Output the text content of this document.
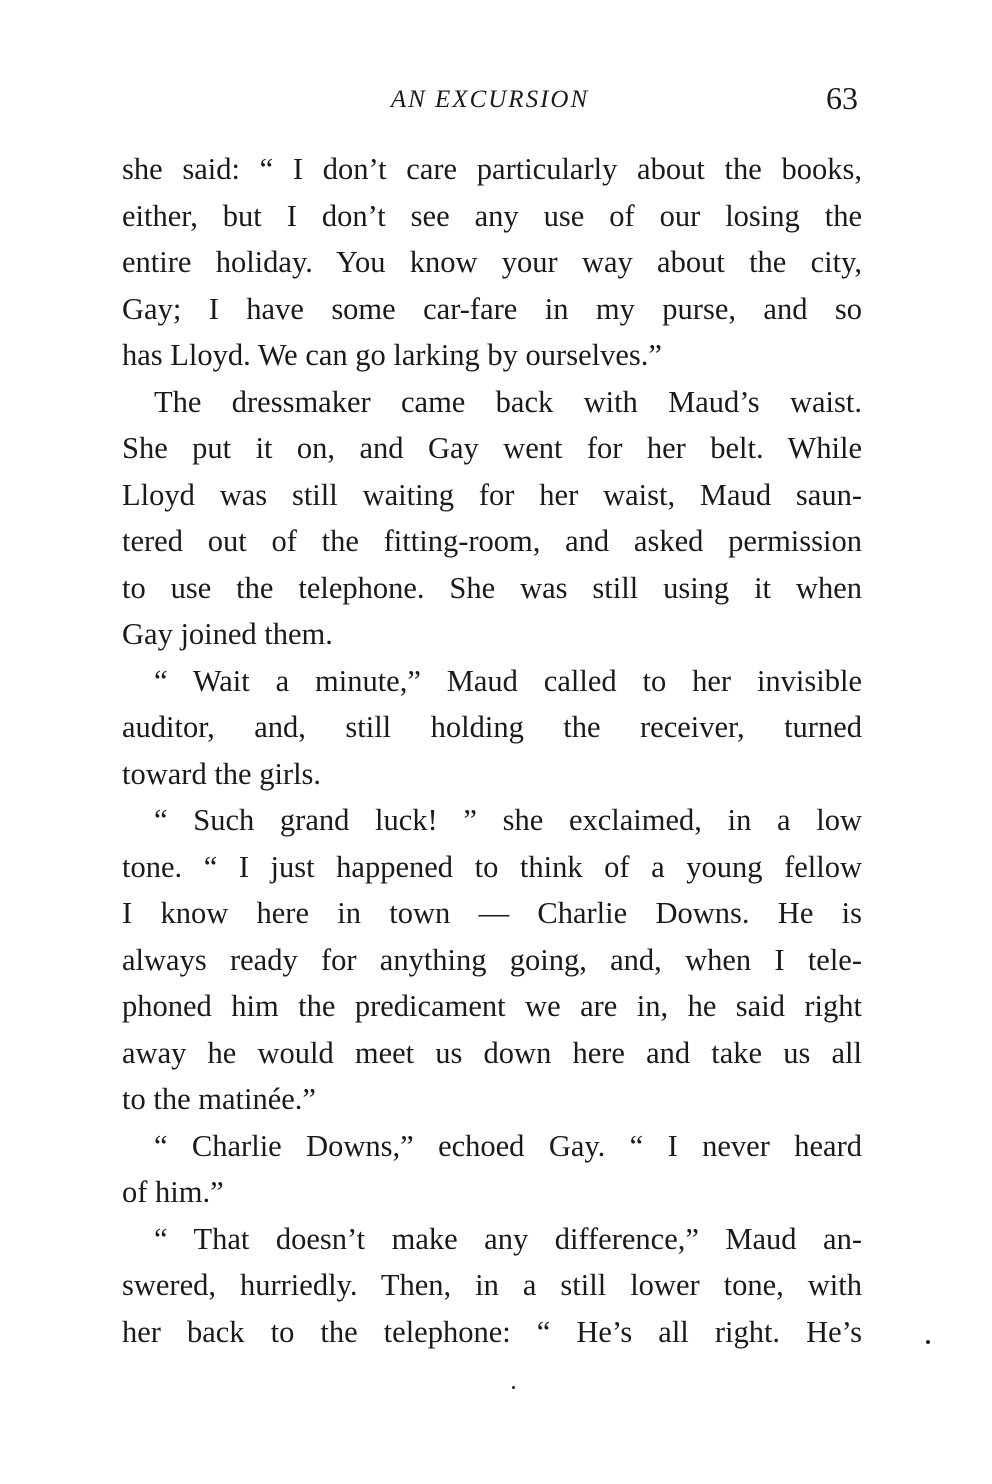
AN EXCURSION	63
she said: “ I don’t care particularly about the books,
either, but I don’t see any use of our losing the
entire holiday. You know your way about the city,
Gay; I have some car-fare in my purse, and so
has Lloyd. We can go larking by ourselves.”
The dressmaker came back with Maud’s waist.
She put it on, and Gay went for her belt. While
Lloyd was still waiting for her waist, Maud saun-
tered out of the fitting-room, and asked permission
to use the telephone. She was still using it when
Gay joined them.
“ Wait a minute,” Maud called to her invisible
auditor, and, still holding the receiver, turned
toward the girls.
“ Such grand luck! ” she exclaimed, in a low
tone. “ I just happened to think of a young fellow
I know here in town — Charlie Downs. He is
always ready for anything going, and, when I tele-
phoned him the predicament we are in, he said right
away he would meet us down here and take us all
to the matinée.”
“ Charlie Downs,” echoed Gay. “ I never heard
of him.”
“ That doesn’t make any difference,” Maud an-
swered, hurriedly. Then, in a still lower tone, with
her back to the telephone: “ He’s all right. He’s
